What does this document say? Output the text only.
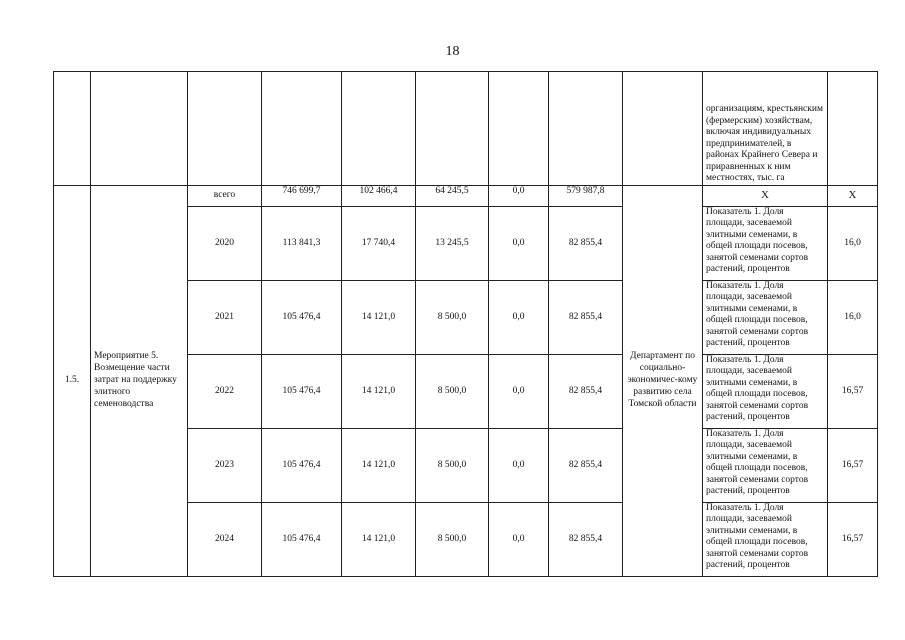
18
									организациям, крестьянским (фермерским) хозяйствам, включая индивидуальных предпринимателей, в районах Крайнего Севера и приравненных к ним местностях, тыс. га	
1.5.	Мероприятие 5. Возмещение части затрат на поддержку элитного семеноводства	всего	746 699,7	102 466,4	64 245,5	0,0	579 987,8	Департамент по социально-экономичес-кому развитию села Томской области	X	X
		2020	113 841,3	17 740,4	13 245,5	0,0	82 855,4		Показатель 1. Доля площади, засеваемой элитными семенами, в общей площади посевов, занятой семенами сортов растений, процентов	16,0
		2021	105 476,4	14 121,0	8 500,0	0,0	82 855,4		Показатель 1. Доля площади, засеваемой элитными семенами, в общей площади посевов, занятой семенами сортов растений, процентов	16,0
		2022	105 476,4	14 121,0	8 500,0	0,0	82 855,4		Показатель 1. Доля площади, засеваемой элитными семенами, в общей площади посевов, занятой семенами сортов растений, процентов	16,57
		2023	105 476,4	14 121,0	8 500,0	0,0	82 855,4		Показатель 1. Доля площади, засеваемой элитными семенами, в общей площади посевов, занятой семенами сортов растений, процентов	16,57
		2024	105 476,4	14 121,0	8 500,0	0,0	82 855,4		Показатель 1. Доля площади, засеваемой элитными семенами, в общей площади посевов, занятой семенами сортов растений, процентов	16,57
